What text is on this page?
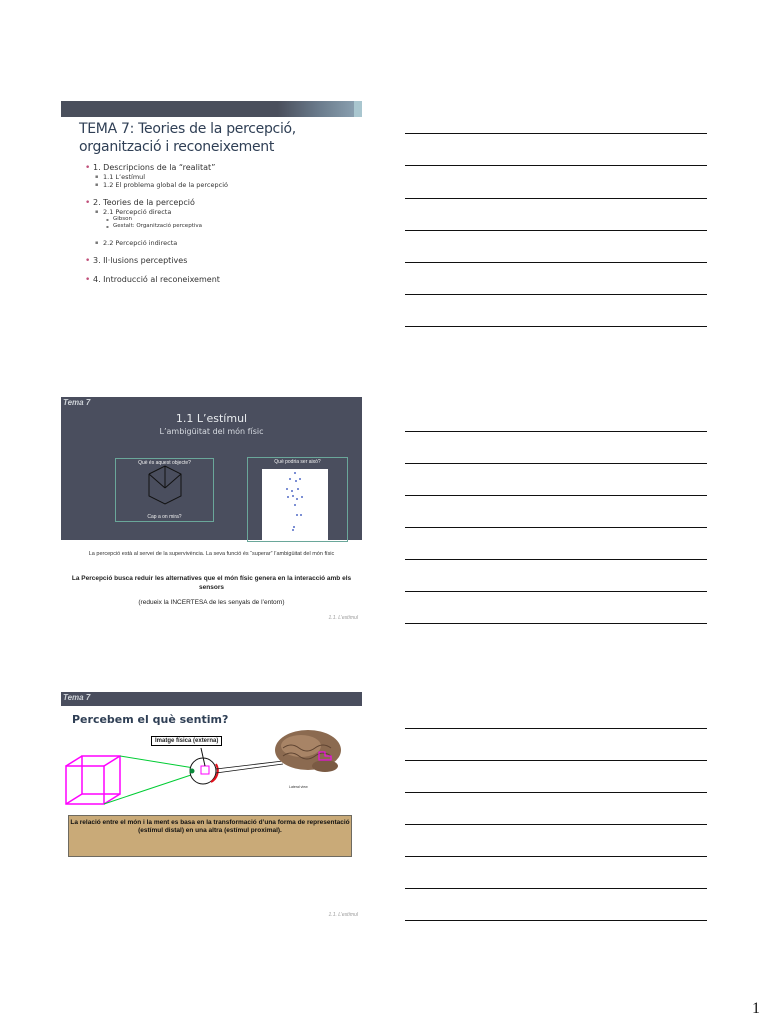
TEMA 7: Teories de la percepció, organització i reconeixement
• 1. Descripcions de la “realitat”
▪ 1.1 L’estímul
▪ 1.2 El problema global de la percepció
• 2. Teories de la percepció
▪ 2.1 Percepció directa
▪ Gibson
▪ Gestalt: Organització perceptiva
▪ 2.2 Percepció indirecta
• 3. Il·lusions perceptives
• 4. Introducció al reconeixement
Tema 7
1.1 L’estímul
L’ambigüitat del món físic
Què és aquest objecte?
Cap a on mira?
Què podria ser això?
La percepció està al servei de la supervivència. La seva funció és “superar” l’ambigüitat del món físic
La Percepció busca reduir les alternatives que el món físic genera en la interacció amb els sensors
(redueix la INCERTESA de les senyals de l’entorn)
1.1. L’estímul
Tema 7
Percebem el què sentim?
Imatge física (externa)
Lateral view
La relació entre el món i la ment es basa en la transformació d’una forma de representació (estímul distal) en una altra (estímul proximal).
1.1. L’estímul
1
